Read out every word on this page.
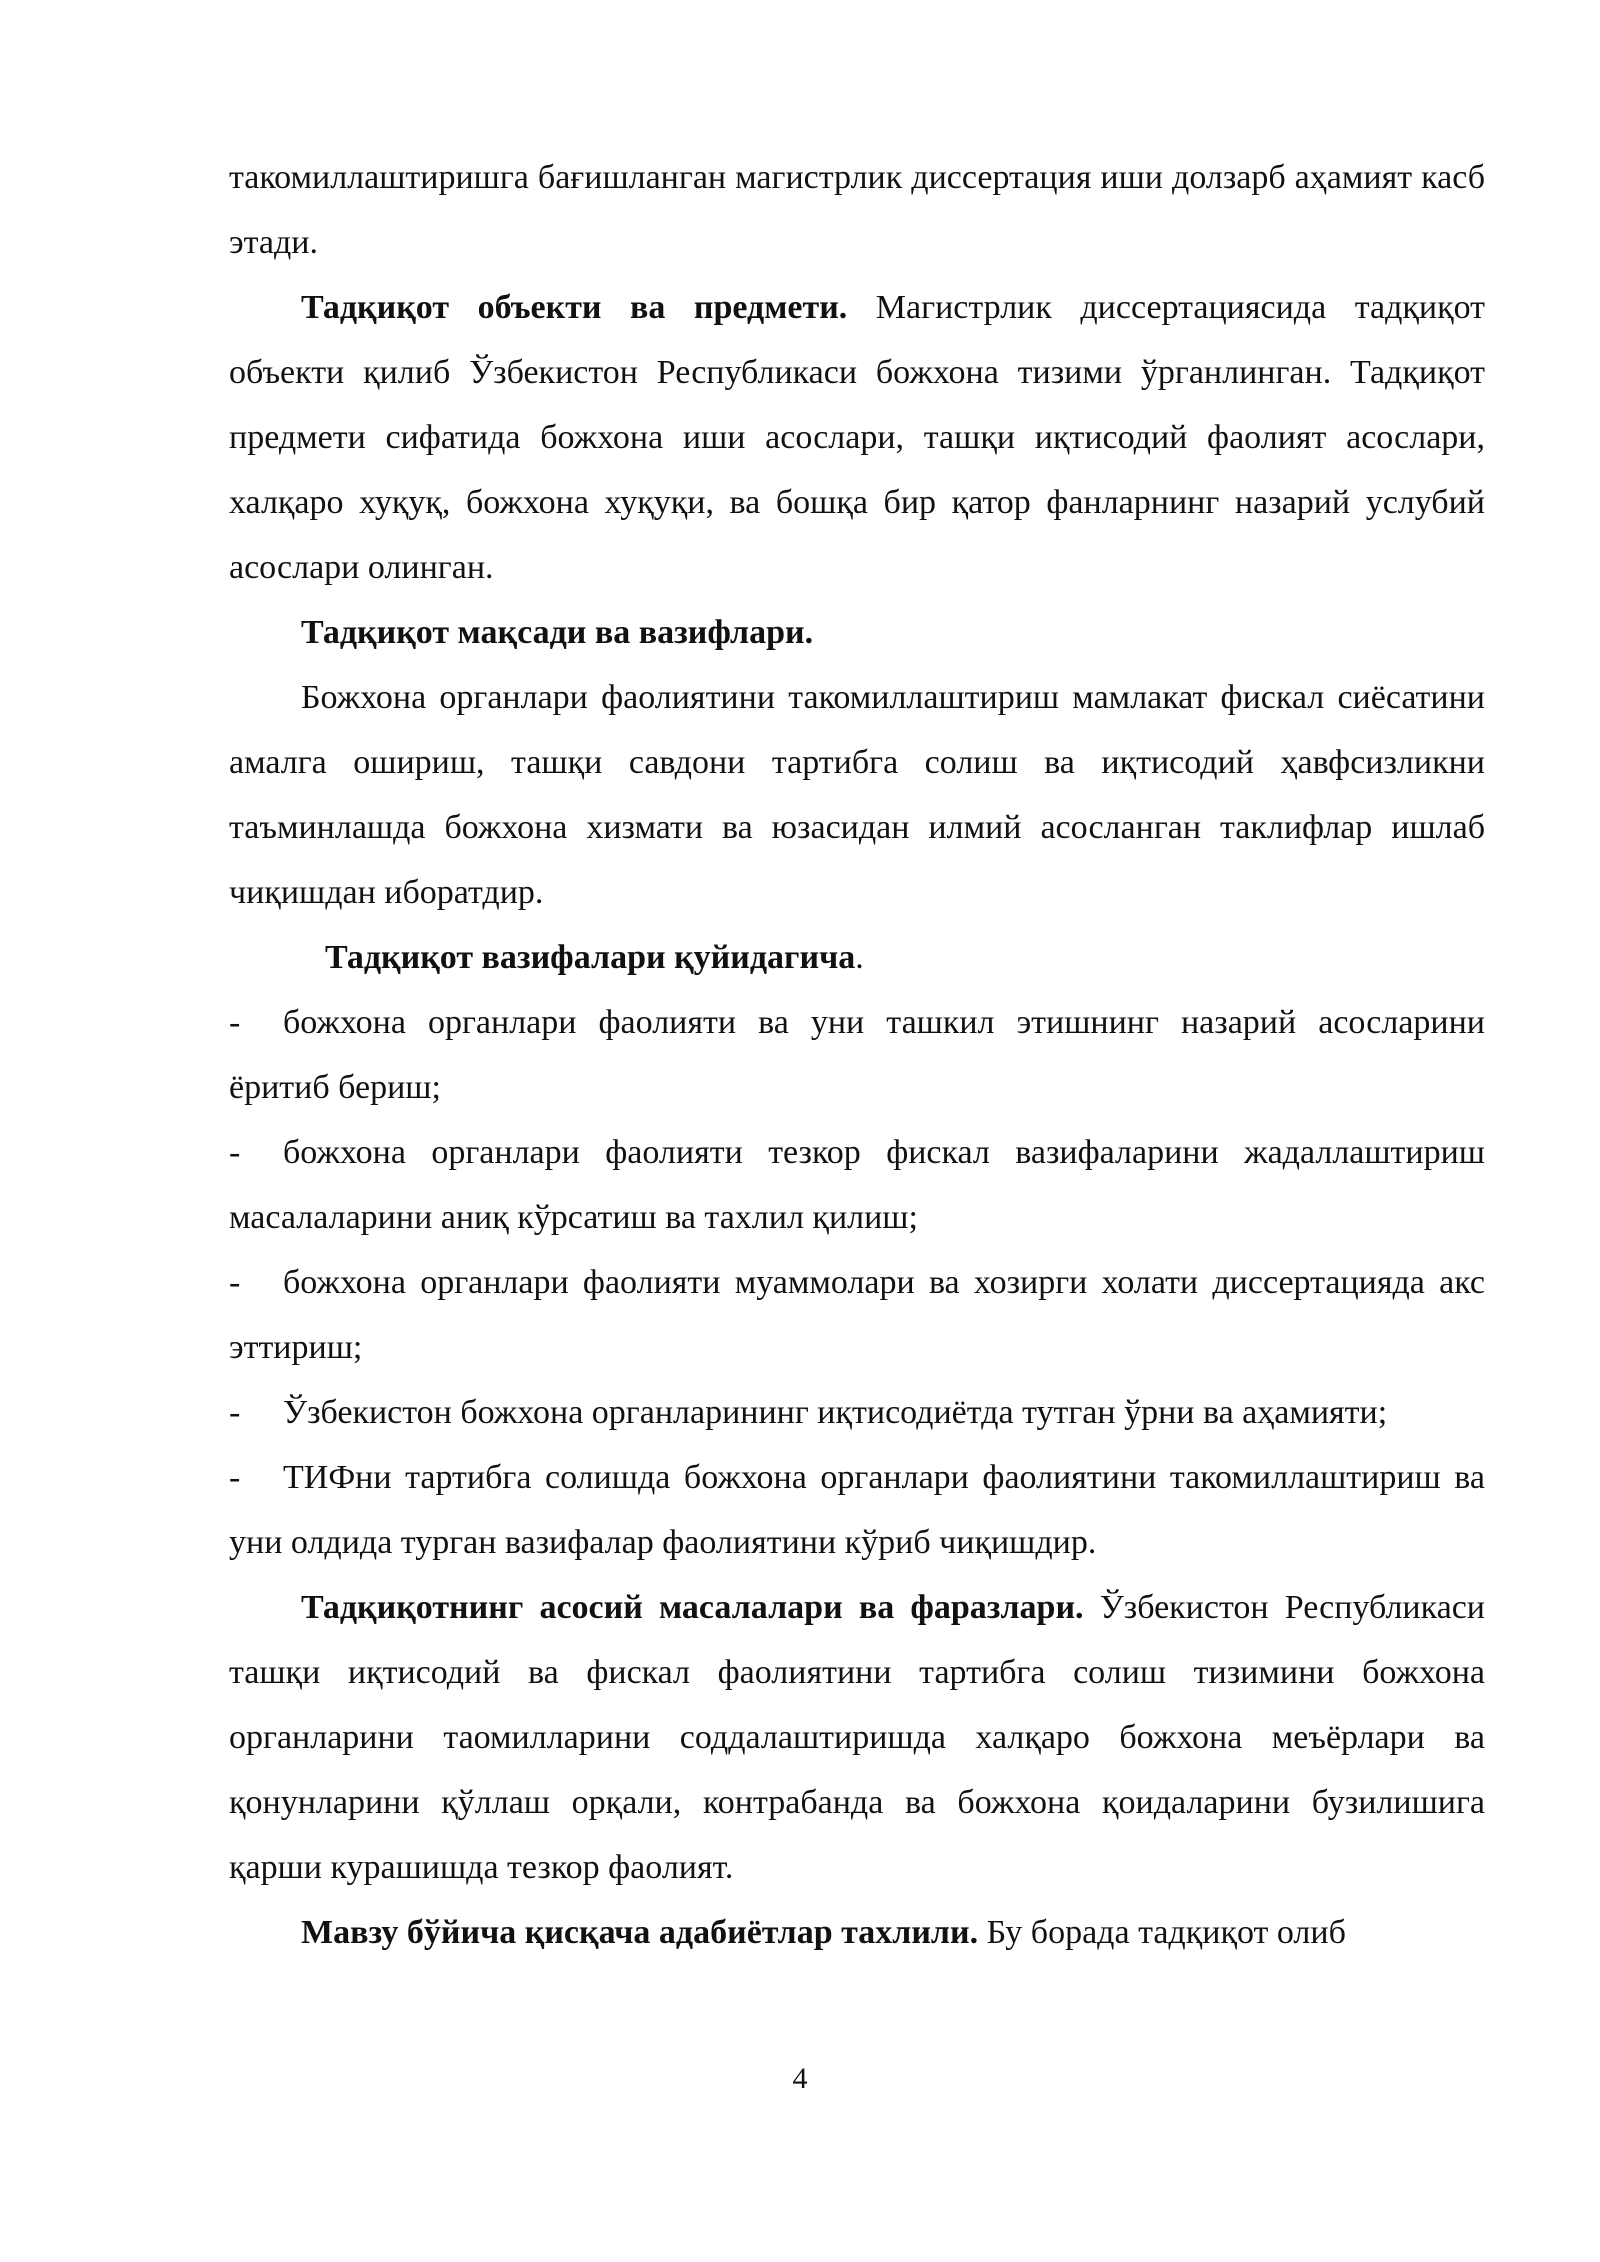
такомиллаштиришга бағишланган магистрлик диссертация иши долзарб аҳамият касб этади.

Тадқиқот объекти ва предмети. Магистрлик диссертациясида тадқиқот объекти қилиб Ўзбекистон Республикаси божхона тизими ўрганлинган. Тадқиқот предмети сифатида божхона иши асослари, ташқи иқтисодий фаолият асослари, халқаро хуқуқ, божхона хуқуқи, ва бошқа бир қатор фанларнинг назарий услубий асослари олинган.

Тадқиқот мақсади ва вазифлари.

Божхона органлари фаолиятини такомиллаштириш мамлакат фискал сиёсатини амалга ошириш, ташқи савдони тартибга солиш ва иқтисодий ҳавфсизликни таъминлашда божхона хизмати ва юзасидан илмий асосланган таклифлар ишлаб чиқишдан иборатдир.

Тадқиқот вазифалари қуйидагича.

- божхона органлари фаолияти ва уни ташкил этишнинг назарий асосларини ёритиб бериш;

- божхона органлари фаолияти тезкор фискал вазифаларини жадаллаштириш масалаларини аниқ кўрсатиш ва тахлил қилиш;

- божхона органлари фаолияти муаммолари ва хозирги холати диссертацияда акс эттириш;

- Ўзбекистон божхона органларининг иқтисодиётда тутган ўрни ва аҳамияти;

- ТИФни тартибга солишда божхона органлари фаолиятини такомиллаштириш ва уни олдида турган вазифалар фаолиятини кўриб чиқишдир.

Тадқиқотнинг асосий масалалари ва фаразлари. Ўзбекистон Республикаси ташқи иқтисодий ва фискал фаолиятини тартибга солиш тизимини божхона органларини таомилларини соддалаштиришда халқаро божхона меъёрлари ва қонунларини қўллаш орқали, контрабанда ва божхона қоидаларини бузилишига қарши курашишда тезкор фаолият.

Мавзу бўйича қисқача адабиётлар тахлили. Бу борада тадқиқот олиб

4
